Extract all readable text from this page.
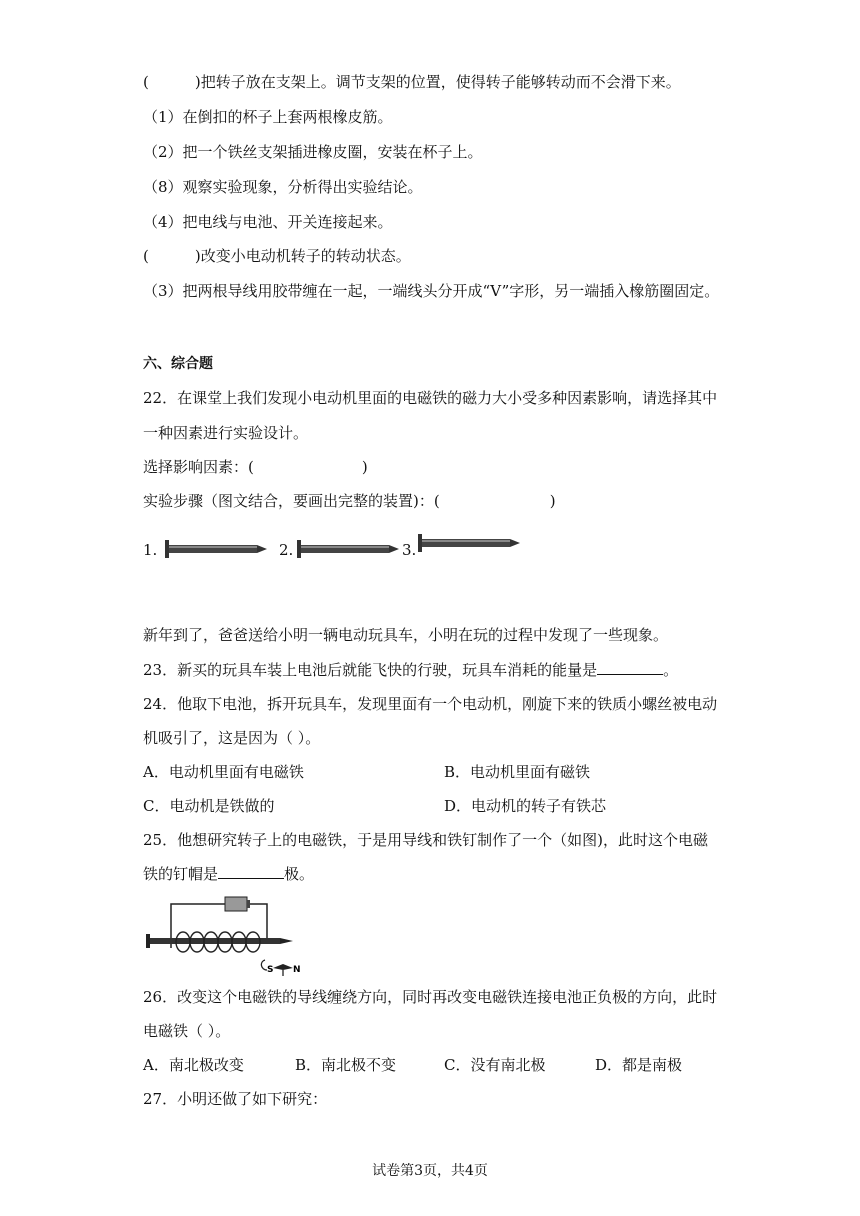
(	)把转子放在支架上。调节支架的位置，使得转子能够转动而不会滑下来。
（1）在倒扣的杯子上套两根橡皮筋。
（2）把一个铁丝支架插进橡皮圈，安装在杯子上。
（8）观察实验现象，分析得出实验结论。
（4）把电线与电池、开关连接起来。
(	)改变小电动机转子的转动状态。
（3）把两根导线用胶带缠在一起，一端线头分开成“V”字形，另一端插入橡筋圈固定。
六、综合题
22．在课堂上我们发现小电动机里面的电磁铁的磁力大小受多种因素影响，请选择其中
一种因素进行实验设计。
选择影响因素：(	)
实验步骤（图文结合，要画出完整的装置)：(	)
1.	2.	3.
新年到了，爸爸送给小明一辆电动玩具车，小明在玩的过程中发现了一些现象。
23．新买的玩具车装上电池后就能飞快的行驶，玩具车消耗的能量是	。
24．他取下电池，拆开玩具车，发现里面有一个电动机，刚旋下来的铁质小螺丝被电动
机吸引了，这是因为（ ）。
A．电动机里面有电磁铁	B．电动机里面有磁铁
C．电动机是铁做的	D．电动机的转子有铁芯
25．他想研究转子上的电磁铁，于是用导线和铁钉制作了一个（如图)，此时这个电磁
铁的钉帽是	极。
S N
26．改变这个电磁铁的导线缠绕方向，同时再改变电磁铁连接电池正负极的方向，此时
电磁铁（ ）。
A．南北极改变	B．南北极不变	C．没有南北极	D．都是南极
27．小明还做了如下研究：
试卷第3页，共4页
